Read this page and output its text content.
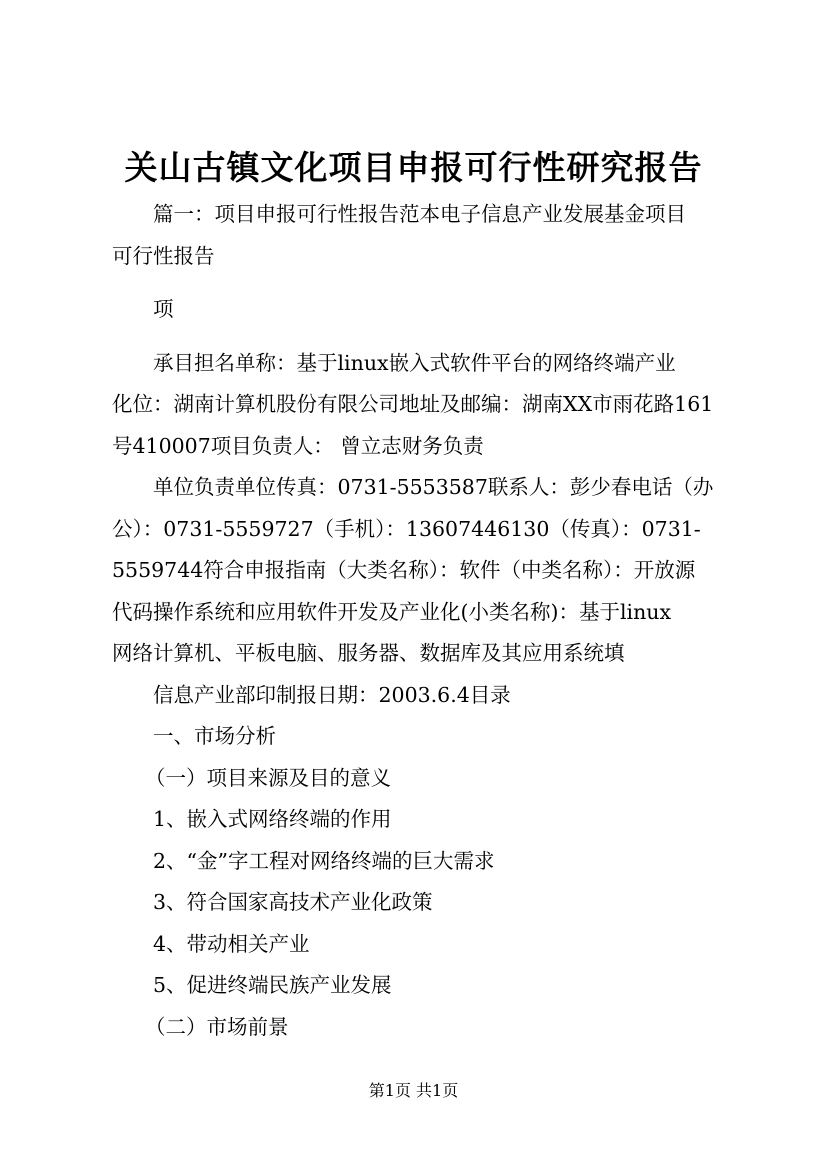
关山古镇文化项目申报可行性研究报告
篇一：项目申报可行性报告范本电子信息产业发展基金项目
可行性报告
项
承目担名单称：基于linux嵌入式软件平台的网络终端产业
化位：湖南计算机股份有限公司地址及邮编：湖南XX市雨花路161
号410007项目负责人： 曾立志财务负责
单位负责单位传真：0731-5553587联系人：彭少春电话（办
公）：0731-5559727（手机）：13607446130（传真）：0731-
5559744符合申报指南（大类名称）：软件（中类名称）：开放源
代码操作系统和应用软件开发及产业化(小类名称)：基于linux
网络计算机、平板电脑、服务器、数据库及其应用系统填
信息产业部印制报日期：2003.6.4目录
一、市场分析
（一）项目来源及目的意义
1、嵌入式网络终端的作用
2、“金”字工程对网络终端的巨大需求
3、符合国家高技术产业化政策
4、带动相关产业
5、促进终端民族产业发展
（二）市场前景
第1页 共1页
